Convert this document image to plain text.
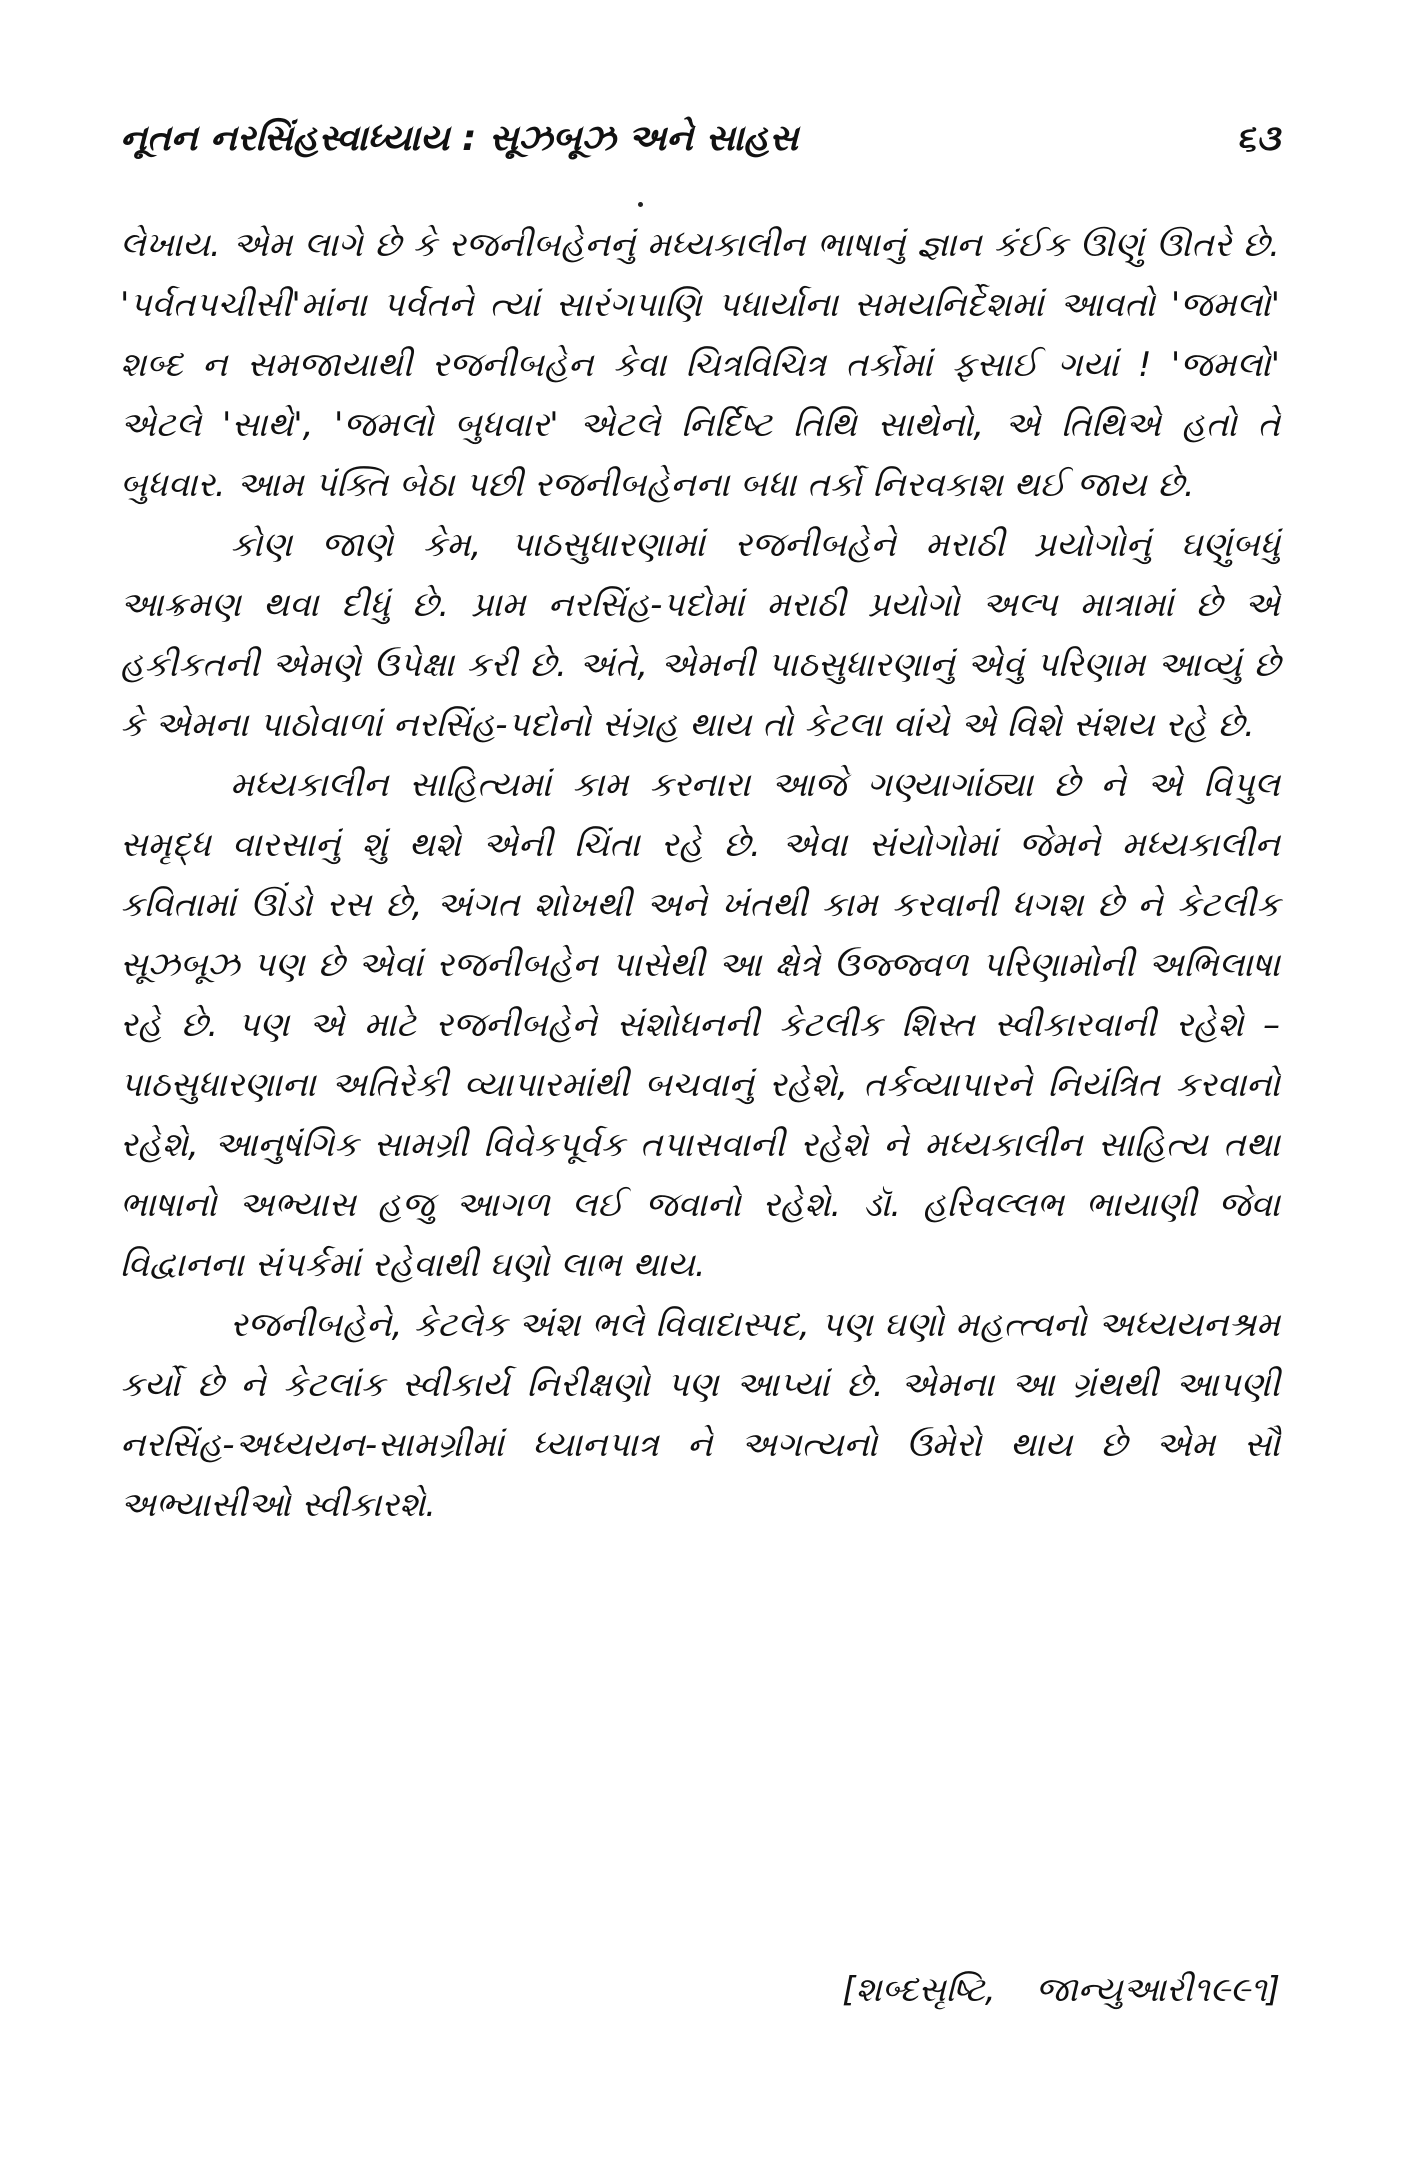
નૂતન નરસિંહસ્વાધ્યાય : સૂઝબૂઝ અને સાહસ	૬૩

લેખાય. એમ લાગે છે કે રજનીબહેનનું મધ્યકાલીન ભાષાનું જ્ઞાન કંઈક ઊણું ઊતરે છે. 'પર્વતપચીસી'માંના પર્વતને ત્યાં સારંગપાણિ પધાર્યાના સમયનિર્દેશમાં આવતો 'જમલો' શબ્દ ન સમજાયાથી રજનીબહેન કેવા ચિત્રવિચિત્ર તર્કોમાં ફસાઈ ગયાં ! 'જમલો' એટલે 'સાથે', 'જમલો બુધવાર' એટલે નિર્દિષ્ટ તિથિ સાથેનો, એ તિથિએ હતો તે બુધવાર. આમ પંક્તિ બેઠા પછી રજનીબહેનના બધા તર્કો નિરવકાશ થઈ જાય છે.

કોણ જાણે કેમ, પાઠસુધારણામાં રજનીબહેને મરાઠી પ્રયોગોનું ઘણુંબધું આક્રમણ થવા દીધું છે. પ્રામ નરસિંહ-પદોમાં મરાઠી પ્રયોગો અલ્પ માત્રામાં છે એ હકીકતની એમણે ઉપેક્ષા કરી છે. અંતે, એમની પાઠસુધારણાનું એવું પરિણામ આવ્યું છે કે એમના પાઠોવાળાં નરસિંહ-પદોનો સંગ્રહ થાય તો કેટલા વાંચે એ વિશે સંશય રહે છે.

મધ્યકાલીન સાહિત્યમાં કામ કરનારા આજે ગણ્યાગાંઠ્યા છે ને એ વિપુલ સમૃદ્ધ વારસાનું શું થશે એની ચિંતા રહે છે. એવા સંયોગોમાં જેમને મધ્યકાલીન કવિતામાં ઊંડો રસ છે, અંગત શોખથી અને ખંતથી કામ કરવાની ધગશ છે ને કેટલીક સૂઝબૂઝ પણ છે એવાં રજનીબહેન પાસેથી આ ક્ષેત્રે ઉજ્જ્વળ પરિણામોની અભિલાષા રહે છે. પણ એ માટે રજનીબહેને સંશોધનની કેટલીક શિસ્ત સ્વીકારવાની રહેશે – પાઠસુધારણાના અતિરેકી વ્યાપારમાંથી બચવાનું રહેશે, તર્કવ્યાપારને નિયંત્રિત કરવાનો રહેશે, આનુષંગિક સામગ્રી વિવેકપૂર્વક તપાસવાની રહેશે ને મધ્યકાલીન સાહિત્ય તથા ભાષાનો અભ્યાસ હજુ આગળ લઈ જવાનો રહેશે. ડૉ. હરિવલ્લભ ભાયાણી જેવા વિદ્વાનના સંપર્કમાં રહેવાથી ઘણો લાભ થાય.

રજનીબહેને, કેટલેક અંશ ભલે વિવાદાસ્પદ, પણ ઘણો મહત્ત્વનો અધ્યયનશ્રમ કર્યો છે ને કેટલાંક સ્વીકાર્ય નિરીક્ષણો પણ આપ્યાં છે. એમના આ ગ્રંથથી આપણી નરસિંહ-અધ્યયન-સામગ્રીમાં ધ્યાનપાત્ર ને અગત્યનો ઉમેરો થાય છે એમ સૌ અભ્યાસીઓ સ્વીકારશે.

[શબ્દસૃષ્ટિ, જાન્યુઆરી૧૯૯૧]
